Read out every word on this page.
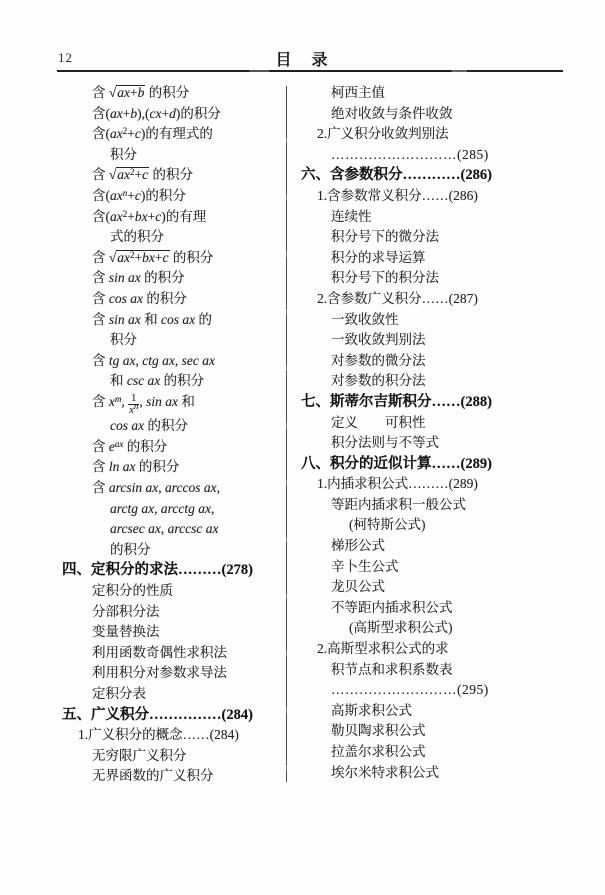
12	目　录
含 √ax+b 的积分
含(ax+b),(cx+d)的积分
含$(ax^2+c)$的有理式的
积分
含 $√ax^2+c$ 的积分
含$(ax^n+c)$的积分
含$(ax^2+bx+c)$的有理
式的积分
含 $√ax^2+bx+c$ 的积分
含 sin ax 的积分
含 cos ax 的积分
含 sin ax 和 cos ax 的
积分
含 tg ax, ctg ax, sec ax
和 csc ax 的积分
含 $x^m$, $\frac{1}{x^n}$ , sin ax 和
cos ax 的积分
含 $e^{ax}$ 的积分
含 ln ax 的积分
含 arcsin ax, arccos ax,
arctg ax, arcctg ax,
arcsec ax, arccsc ax
的积分
四、定积分的求法………(278)
定积分的性质
分部积分法
变量替换法
利用函数奇偶性求积法
利用积分对参数求导法
定积分表
五、广义积分……………(284)
1.广义积分的概念……(284)
无穷限广义积分
无界函数的广义积分
柯西主值
绝对收敛与条件收敛
2.广义积分收敛判别法
………………………(285)
六、含参数积分…………(286)
1.含参数常义积分……(286)
连续性
积分号下的微分法
积分的求导运算
积分号下的积分法
2.含参数广义积分……(287)
一致收敛性
一致收敛判别法
对参数的微分法
对参数的积分法
七、斯蒂尔吉斯积分……(288)
定义　　可积性
积分法则与不等式
八、积分的近似计算……(289)
1.内插求积公式………(289)
等距内插求积一般公式
(柯特斯公式)
梯形公式
辛卜生公式
龙贝公式
不等距内插求积公式
(高斯型求积公式)
2.高斯型求积公式的求
积节点和求积系数表
………………………(295)
高斯求积公式
勒贝陶求积公式
拉盖尔求积公式
埃尔米特求积公式
